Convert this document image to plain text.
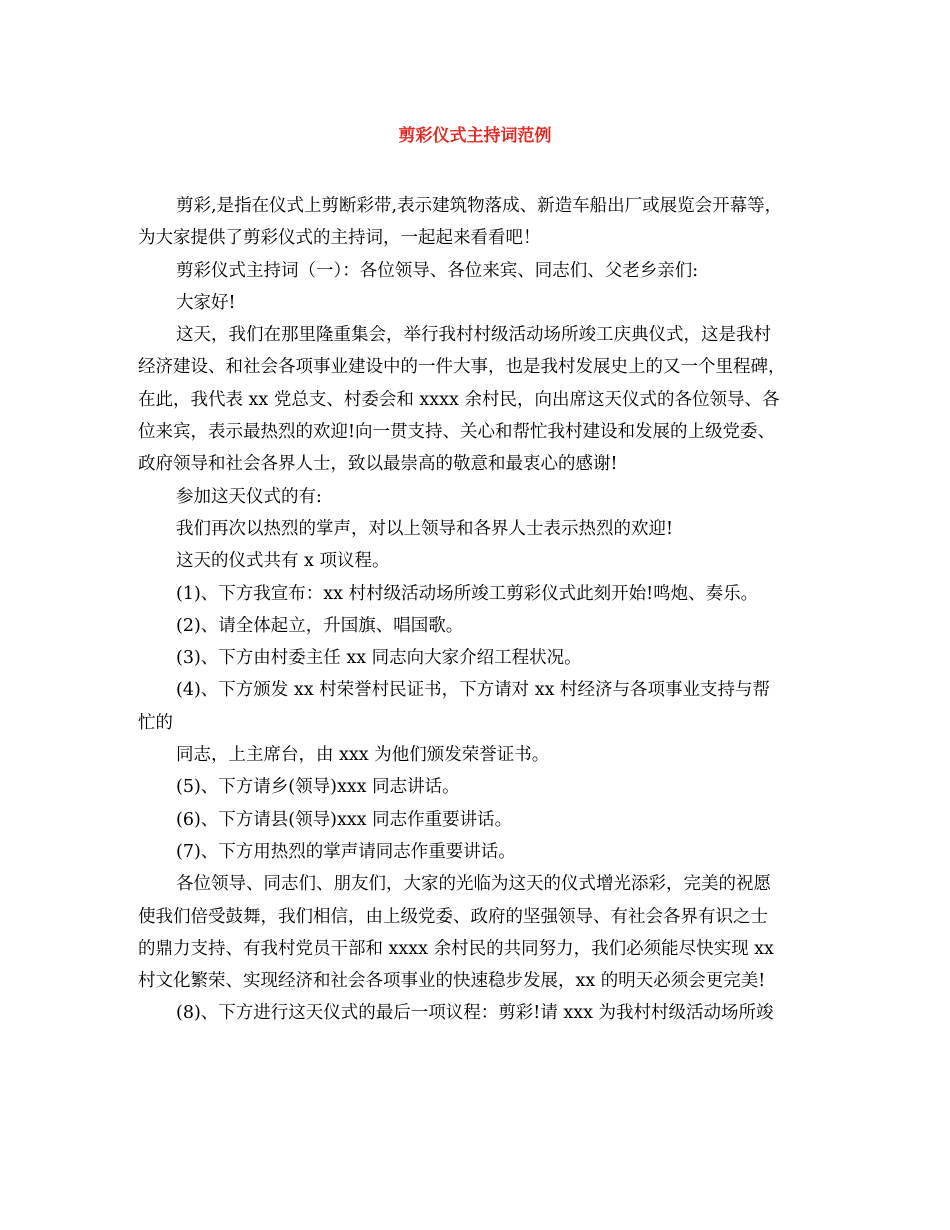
剪彩仪式主持词范例

剪彩,是指在仪式上剪断彩带,表示建筑物落成、新造车船出厂或展览会开幕等，

为大家提供了剪彩仪式的主持词，一起起来看看吧！

剪彩仪式主持词（一）：各位领导、各位来宾、同志们、父老乡亲们:

大家好!

这天，我们在那里隆重集会，举行我村村级活动场所竣工庆典仪式，这是我村

经济建设、和社会各项事业建设中的一件大事，也是我村发展史上的又一个里程碑，

在此，我代表 xx 党总支、村委会和 xxxx 余村民，向出席这天仪式的各位领导、各

位来宾，表示最热烈的欢迎!向一贯支持、关心和帮忙我村建设和发展的上级党委、

政府领导和社会各界人士，致以最崇高的敬意和最衷心的感谢!

参加这天仪式的有:

我们再次以热烈的掌声，对以上领导和各界人士表示热烈的欢迎!

这天的仪式共有 x 项议程。

(1)、下方我宣布：xx 村村级活动场所竣工剪彩仪式此刻开始!鸣炮、奏乐。

(2)、请全体起立，升国旗、唱国歌。

(3)、下方由村委主任 xx 同志向大家介绍工程状况。

(4)、下方颁发 xx 村荣誉村民证书，下方请对 xx 村经济与各项事业支持与帮

忙的

同志，上主席台，由 xxx 为他们颁发荣誉证书。

(5)、下方请乡(领导)xxx 同志讲话。

(6)、下方请县(领导)xxx 同志作重要讲话。

(7)、下方用热烈的掌声请同志作重要讲话。

各位领导、同志们、朋友们，大家的光临为这天的仪式增光添彩，完美的祝愿

使我们倍受鼓舞，我们相信，由上级党委、政府的坚强领导、有社会各界有识之士

的鼎力支持、有我村党员干部和 xxxx 余村民的共同努力，我们必须能尽快实现 xx

村文化繁荣、实现经济和社会各项事业的快速稳步发展，xx 的明天必须会更完美!

(8)、下方进行这天仪式的最后一项议程：剪彩!请 xxx 为我村村级活动场所竣
